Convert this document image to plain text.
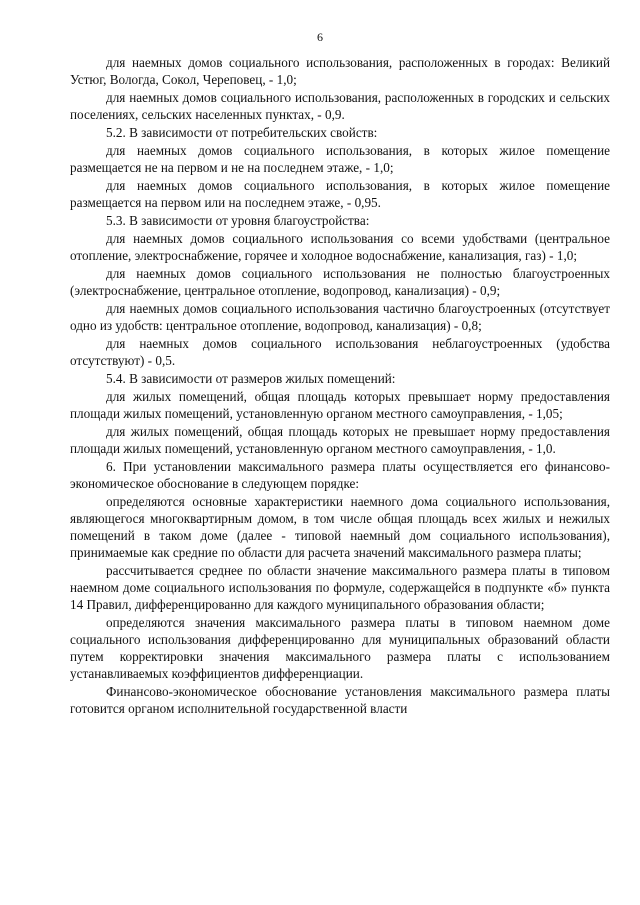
6

для наемных домов социального использования, расположенных в городах: Великий Устюг, Вологда, Сокол, Череповец, - 1,0;

для наемных домов социального использования, расположенных в городских и сельских поселениях, сельских населенных пунктах, - 0,9.

5.2. В зависимости от потребительских свойств:

для наемных домов социального использования, в которых жилое помещение размещается не на первом и не на последнем этаже, - 1,0;

для наемных домов социального использования, в которых жилое помещение размещается на первом или на последнем этаже, - 0,95.

5.3. В зависимости от уровня благоустройства:

для наемных домов социального использования со всеми удобствами (центральное отопление, электроснабжение, горячее и холодное водоснабжение, канализация, газ) - 1,0;

для наемных домов социального использования не полностью благоустроенных (электроснабжение, центральное отопление, водопровод, канализация) - 0,9;

для наемных домов социального использования частично благоустроенных (отсутствует одно из удобств: центральное отопление, водопровод, канализация) - 0,8;

для наемных домов социального использования неблагоустроенных (удобства отсутствуют) - 0,5.

5.4. В зависимости от размеров жилых помещений:

для жилых помещений, общая площадь которых превышает норму предоставления площади жилых помещений, установленную органом местного самоуправления, - 1,05;

для жилых помещений, общая площадь которых не превышает норму предоставления площади жилых помещений, установленную органом местного самоуправления, - 1,0.

6. При установлении максимального размера платы осуществляется его финансово-экономическое обоснование в следующем порядке:

определяются основные характеристики наемного дома социального использования, являющегося многоквартирным домом, в том числе общая площадь всех жилых и нежилых помещений в таком доме (далее - типовой наемный дом социального использования), принимаемые как средние по области для расчета значений максимального размера платы;

рассчитывается среднее по области значение максимального размера платы в типовом наемном доме социального использования по формуле, содержащейся в подпункте «б» пункта 14 Правил, дифференцированно для каждого муниципального образования области;

определяются значения максимального размера платы в типовом наемном доме социального использования дифференцированно для муниципальных образований области путем корректировки значения максимального размера платы с использованием устанавливаемых коэффициентов дифференциации.

Финансово-экономическое обоснование установления максимального размера платы готовится органом исполнительной государственной власти
